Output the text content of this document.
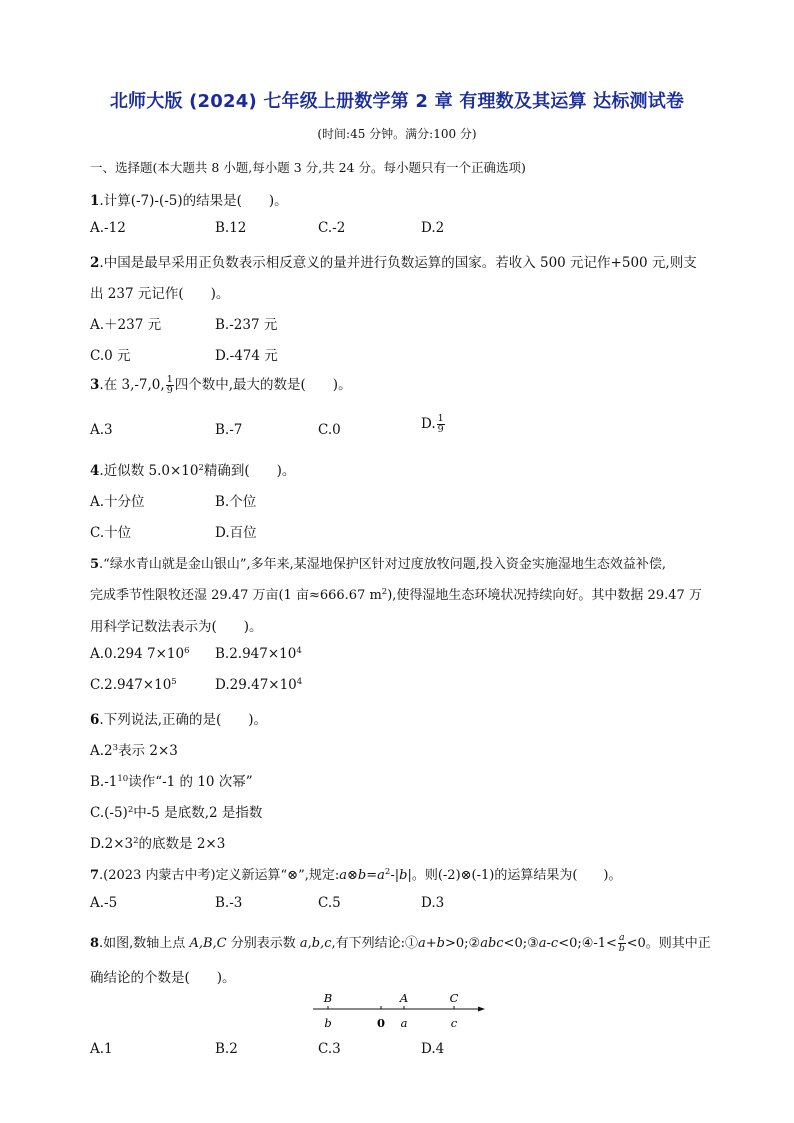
北师大版 (2024) 七年级上册数学第 2 章 有理数及其运算 达标测试卷
(时间:45 分钟。满分:100 分)
一、选择题(本大题共 8 小题,每小题 3 分,共 24 分。每小题只有一个正确选项)
1.计算(-7)-(-5)的结果是(　　)。
A.-12	B.12	C.-2	D.2
2.中国是最早采用正负数表示相反意义的量并进行负数运算的国家。若收入 500 元记作+500 元,则支
出 237 元记作(　　)。
A.＋237 元	B.-237 元
C.0 元	D.-474 元
3.在 3,-7,0, $\frac{1}{9}$ 四个数中,最大的数是(　　)。
A.3	B.-7	C.0	D. $\frac{1}{9}$
4.近似数 $5.0\times 10^2$精确到(　　)。
A.十分位	B.个位
C.十位	D.百位
5.“绿水青山就是金山银山”,多年来,某湿地保护区针对过度放牧问题,投入资金实施湿地生态效益补偿,
完成季节性限牧还湿 29.47 万亩(1 亩≈666.67 $m^2$),使得湿地生态环境状况持续向好。其中数据 29.47 万
用科学记数法表示为(　　)。
A.0.294 $7\times 10^6$ $B.2.947\times 10^4$
$C.2.947\times 10^5$	$D.29.47\times 10^4$
6.下列说法,正确的是(　　)。
$A.2^3$表示 2×3
$B.-1^{10}$读作“-1 的 10 次幂”
$C.(-5)^2$中-5 是底数,2 是指数
$D.2\times 3^2$的底数是 2×3
7.(2023 内蒙古中考)定义新运算“⊗”,规定$:a\otimes b=a^2-|b|$。则(-2)⊗(-1)的运算结果为(　　)。
A.-5	B.-3	C.5	D.3
8.如图,数轴上点 A,B,C 分别表示数 a,b,c,有下列结论:①a+b>0;②abc<0;③a-c<0;④-1< $\frac{a}{b} <0$。则其中正
确结论的个数是(　　)。
B	A	C
b	0 a	c
A.1	B.2	C.3	D.4
